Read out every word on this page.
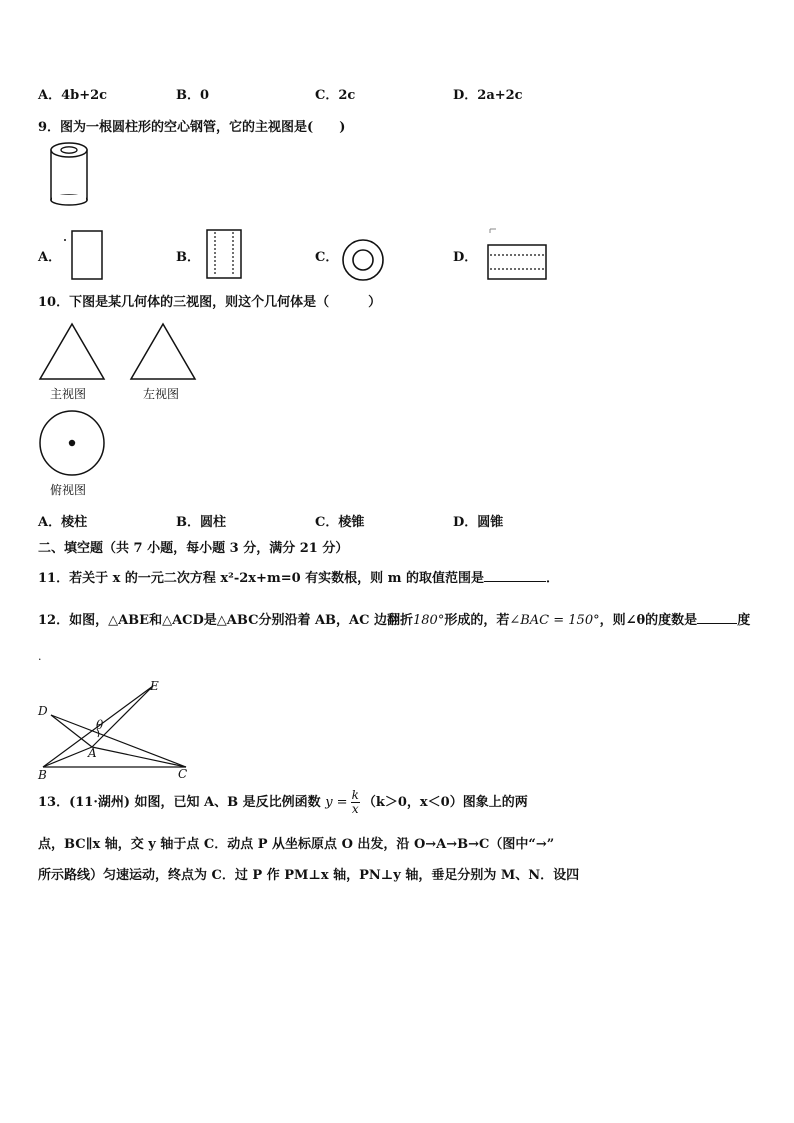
A．4b+2c	B．0	C．2c	D．2a+2c
9．图为一根圆柱形的空心钢管，它的主视图是(　　)
A．	B．	C．	D．
10．下图是某几何体的三视图，则这个几何体是（　　　）
主视图	左视图
俯视图
A．棱柱	B．圆柱	C．棱锥	D．圆锥
二、填空题（共 7 小题，每小题 3 分，满分 21 分）
11．若关于 x 的一元二次方程 x²-2x+m=0 有实数根，则 m 的取值范围是	．
12．如图，△ABE和△ACD是△ABC分别沿着 AB，AC 边翻折180°形成的，若∠BAC = 150°，则∠θ的度数是	度
.
D
E
θ
A
B	C
13．(11·湖州) 如图，已知 A、B 是反比例函数 $y = \frac{k}{x} (k>0$，x＜0）图象上的两
点，BC∥x 轴，交 y 轴于点 C．动点 P 从坐标原点 O 出发，沿 O→A→B→C（图中“→”
所示路线）匀速运动，终点为 C．过 P 作 PM⊥x 轴，PN⊥y 轴，垂足分别为 M、N．设四
